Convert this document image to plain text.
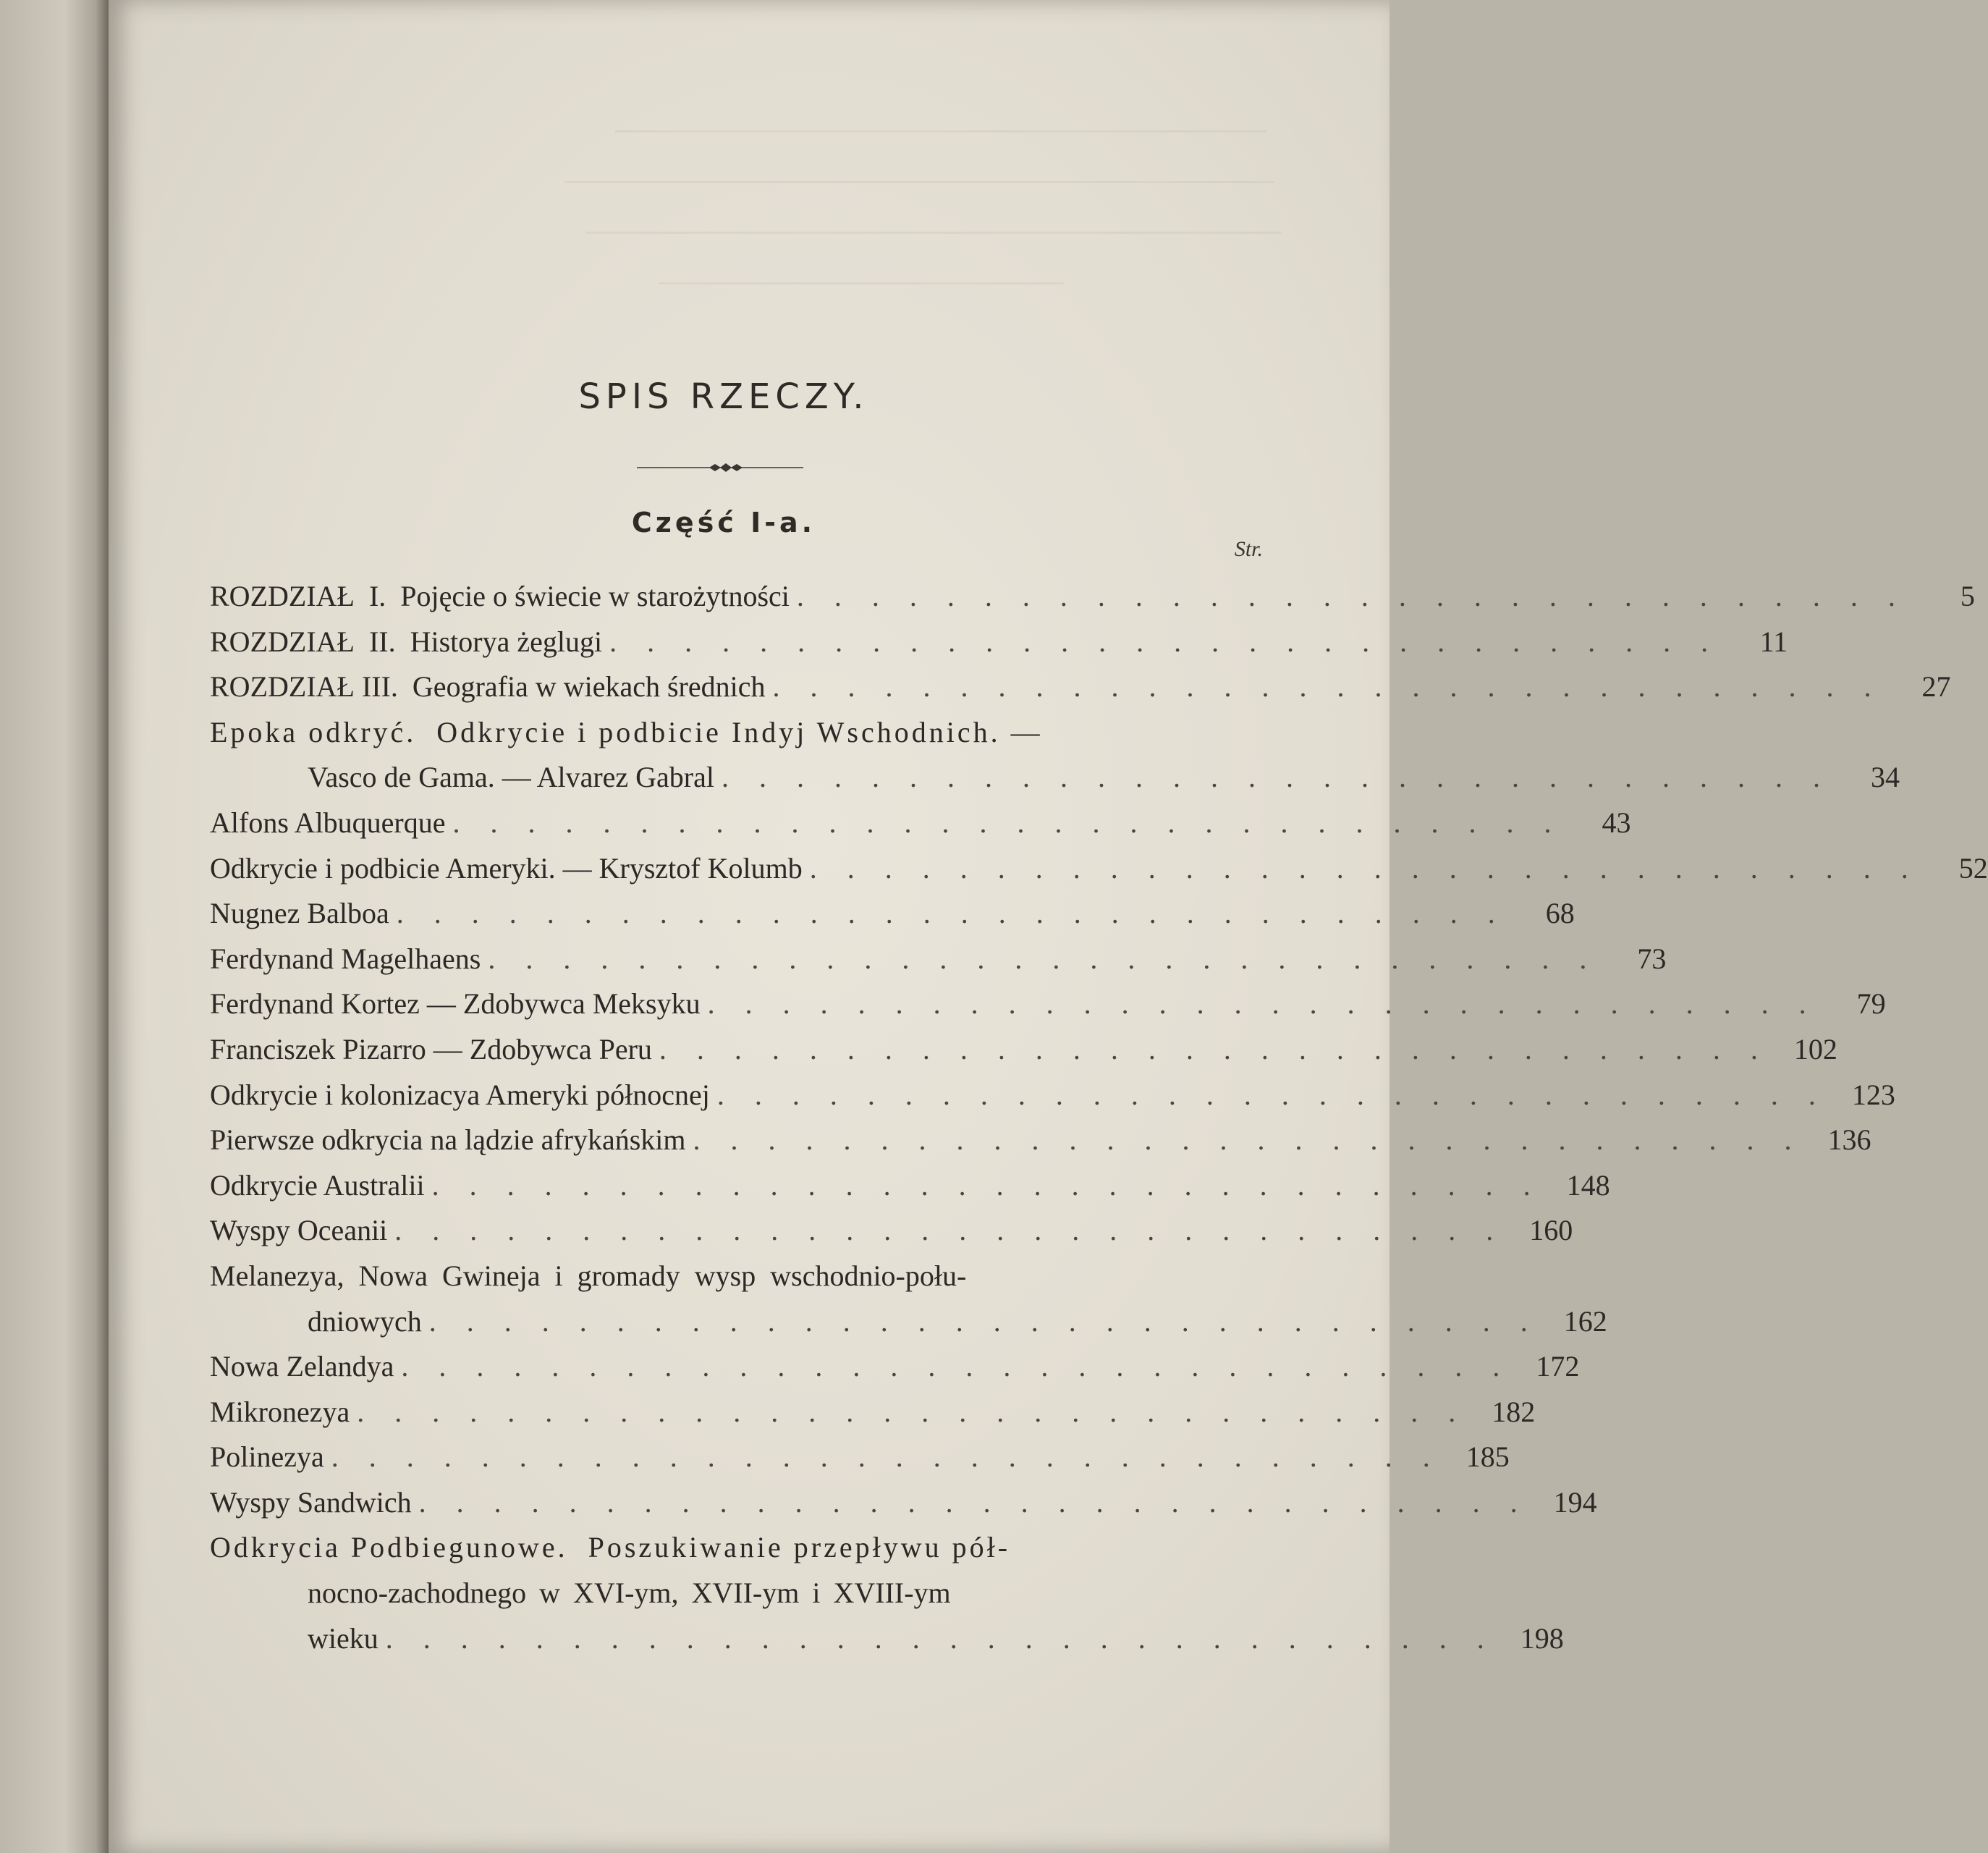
SPIS RZECZY.
Część I-a.
Str.
ROZDZIAŁ  I.  Pojęcie o świecie w starożytności . . . . . . . . . . . . . . . . . . . . . . . . . . . . . .	5
ROZDZIAŁ  II.  Historya żeglugi . . . . . . . . . . . . . . . . . . . . . . . . . . . . . .	11
ROZDZIAŁ III.  Geografia w wiekach średnich . . . . . . . . . . . . . . . . . . . . . . . . . . . . . .	27
Epoka odkryć.  Odkrycie i podbicie Indyj Wschodnich. —
Vasco de Gama. — Alvarez Gabral . . . . . . . . . . . . . . . . . . . . . . . . . . . . . .	34
Alfons Albuquerque . . . . . . . . . . . . . . . . . . . . . . . . . . . . . .	43
Odkrycie i podbicie Ameryki. — Krysztof Kolumb . . . . . . . . . . . . . . . . . . . . . . . . . . . . . .	52
Nugnez Balboa . . . . . . . . . . . . . . . . . . . . . . . . . . . . . .	68
Ferdynand Magelhaens . . . . . . . . . . . . . . . . . . . . . . . . . . . . . .	73
Ferdynand Kortez — Zdobywca Meksyku . . . . . . . . . . . . . . . . . . . . . . . . . . . . . .	79
Franciszek Pizarro — Zdobywca Peru . . . . . . . . . . . . . . . . . . . . . . . . . . . . . . 102
Odkrycie i kolonizacya Ameryki północnej . . . . . . . . . . . . . . . . . . . . . . . . . . . . . . 123
Pierwsze odkrycia na lądzie afrykańskim . . . . . . . . . . . . . . . . . . . . . . . . . . . . . . 136
Odkrycie Australii . . . . . . . . . . . . . . . . . . . . . . . . . . . . . . 148
Wyspy Oceanii . . . . . . . . . . . . . . . . . . . . . . . . . . . . . . 160
Melanezya, Nowa Gwineja i gromady wysp wschodnio-połu-
dniowych . . . . . . . . . . . . . . . . . . . . . . . . . . . . . . 162
Nowa Zelandya . . . . . . . . . . . . . . . . . . . . . . . . . . . . . . 172
Mikronezya . . . . . . . . . . . . . . . . . . . . . . . . . . . . . . 182
Polinezya . . . . . . . . . . . . . . . . . . . . . . . . . . . . . . 185
Wyspy Sandwich . . . . . . . . . . . . . . . . . . . . . . . . . . . . . . 194
Odkrycia Podbiegunowe.  Poszukiwanie przepływu pół-
nocno-zachodnego w XVI-ym, XVII-ym i XVIII-ym
wieku . . . . . . . . . . . . . . . . . . . . . . . . . . . . . . 198
